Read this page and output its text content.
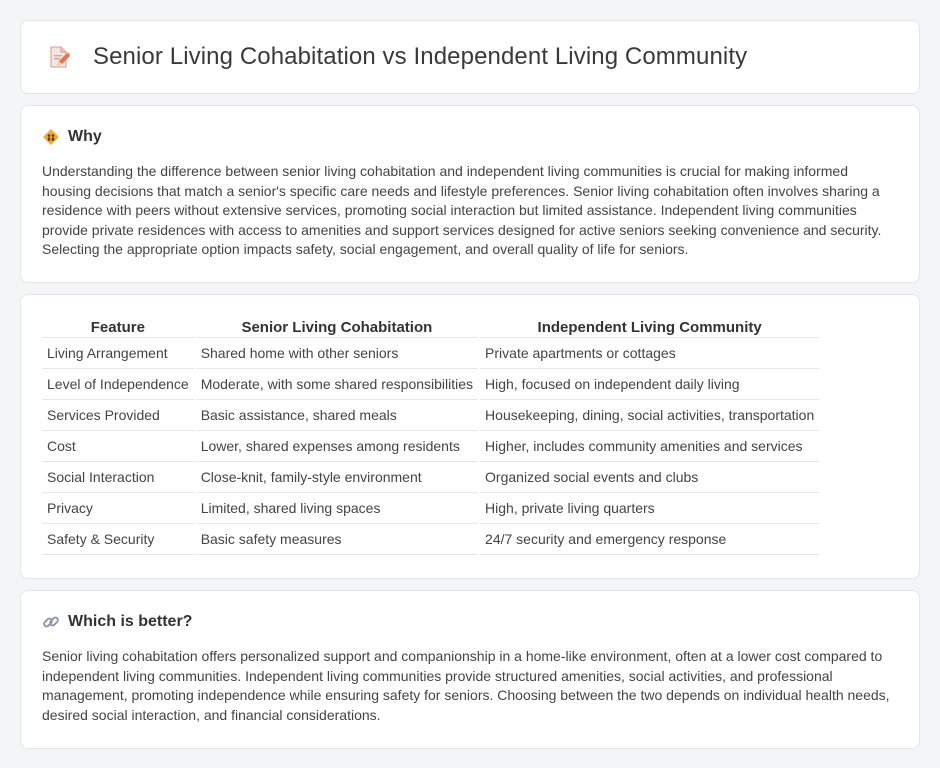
Senior Living Cohabitation vs Independent Living Community
Why

Understanding the difference between senior living cohabitation and independent living communities is crucial for making informed housing decisions that match a senior's specific care needs and lifestyle preferences. Senior living cohabitation often involves sharing a residence with peers without extensive services, promoting social interaction but limited assistance. Independent living communities provide private residences with access to amenities and support services designed for active seniors seeking convenience and security. Selecting the appropriate option impacts safety, social engagement, and overall quality of life for seniors.

Feature	Senior Living Cohabitation	Independent Living Community
Living Arrangement	Shared home with other seniors	Private apartments or cottages
Level of Independence	Moderate, with some shared responsibilities	High, focused on independent daily living
Services Provided	Basic assistance, shared meals	Housekeeping, dining, social activities, transportation
Cost	Lower, shared expenses among residents	Higher, includes community amenities and services
Social Interaction	Close-knit, family-style environment	Organized social events and clubs
Privacy	Limited, shared living spaces	High, private living quarters
Safety & Security	Basic safety measures	24/7 security and emergency response
Which is better?

Senior living cohabitation offers personalized support and companionship in a home-like environment, often at a lower cost compared to independent living communities. Independent living communities provide structured amenities, social activities, and professional management, promoting independence while ensuring safety for seniors. Choosing between the two depends on individual health needs, desired social interaction, and financial considerations.
